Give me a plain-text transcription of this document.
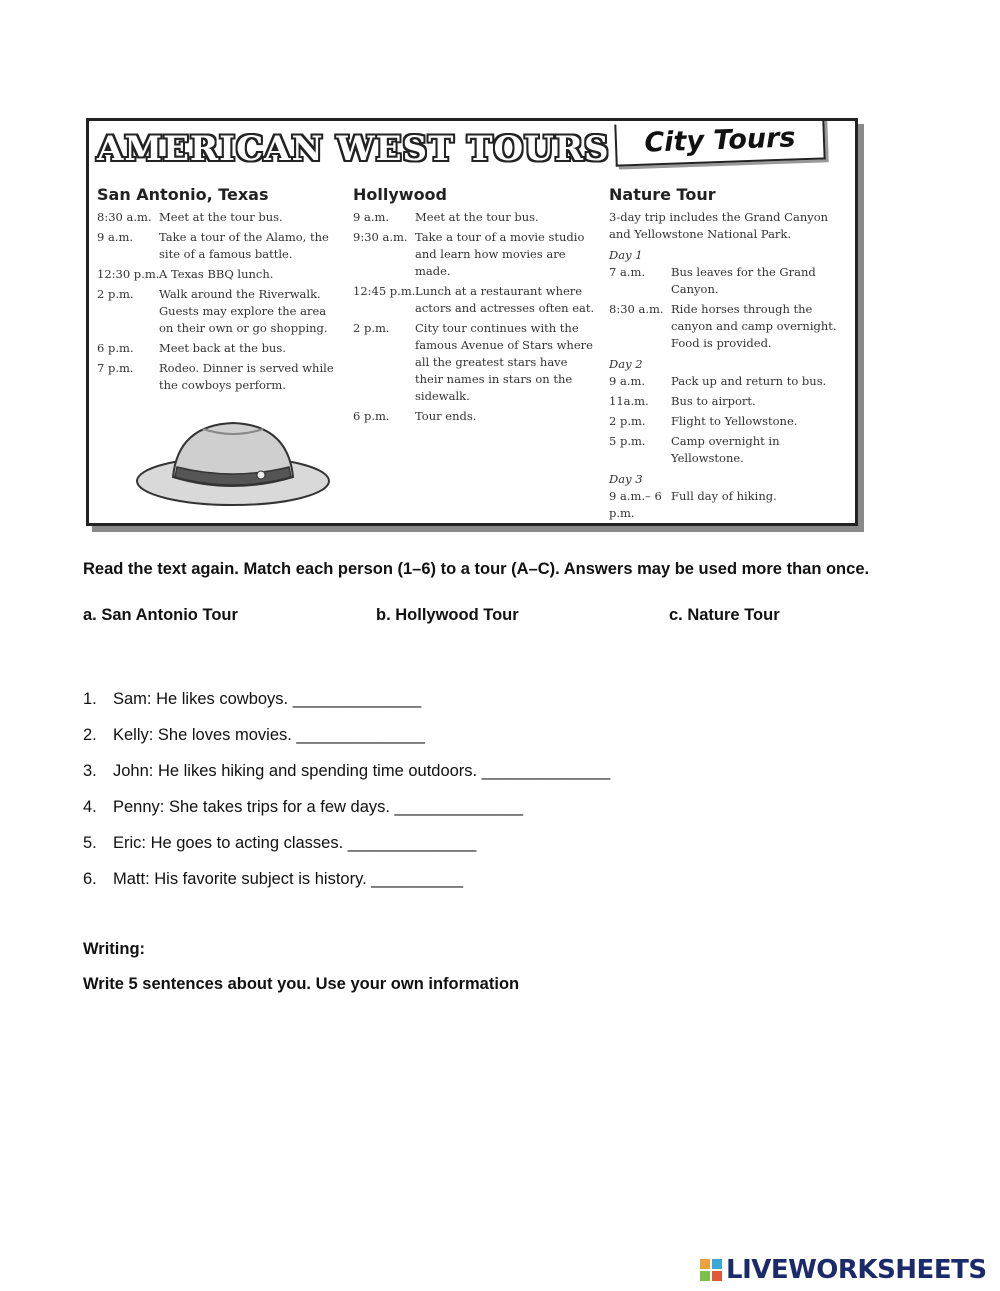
AMERICAN WEST TOURS	City Tours
San Antonio, Texas
8:30 a.m. Meet at the tour bus.
9 a.m.	Take a tour of the Alamo, the site of a famous battle.
12:30 p.m. A Texas BBQ lunch.
2 p.m.	Walk around the Riverwalk. Guests may explore the area on their own or go shopping.
6 p.m.	Meet back at the bus.
7 p.m.	Rodeo. Dinner is served while the cowboys perform.
Hollywood
9 a.m.	Meet at the tour bus.
9:30 a.m. Take a tour of a movie studio and learn how movies are made.
12:45 p.m. Lunch at a restaurant where actors and actresses often eat.
2 p.m.	City tour continues with the famous Avenue of Stars where all the greatest stars have their names in stars on the sidewalk.
6 p.m.	Tour ends.
Nature Tour
3-day trip includes the Grand Canyon and Yellowstone National Park.
Day 1
7 a.m.	Bus leaves for the Grand Canyon.
8:30 a.m. Ride horses through the canyon and camp overnight. Food is provided.
Day 2
9 a.m.	Pack up and return to bus.
11a.m.	Bus to airport.
2 p.m.	Flight to Yellowstone.
5 p.m.	Camp overnight in Yellowstone.
Day 3
9 a.m.– 6 p.m.
Full day of hiking.
Read the text again. Match each person (1–6) to a tour (A–C). Answers may be used more than once.
a. San Antonio Tour	b. Hollywood Tour	c. Nature Tour
1. Sam: He likes cowboys. ______________
2. Kelly: She loves movies. ______________
3. John: He likes hiking and spending time outdoors. ______________
4. Penny: She takes trips for a few days. ______________
5. Eric: He goes to acting classes. ______________
6. Matt: His favorite subject is history. __________
Writing:
Write 5 sentences about you. Use your own information
LIVEWORKSHEETS
